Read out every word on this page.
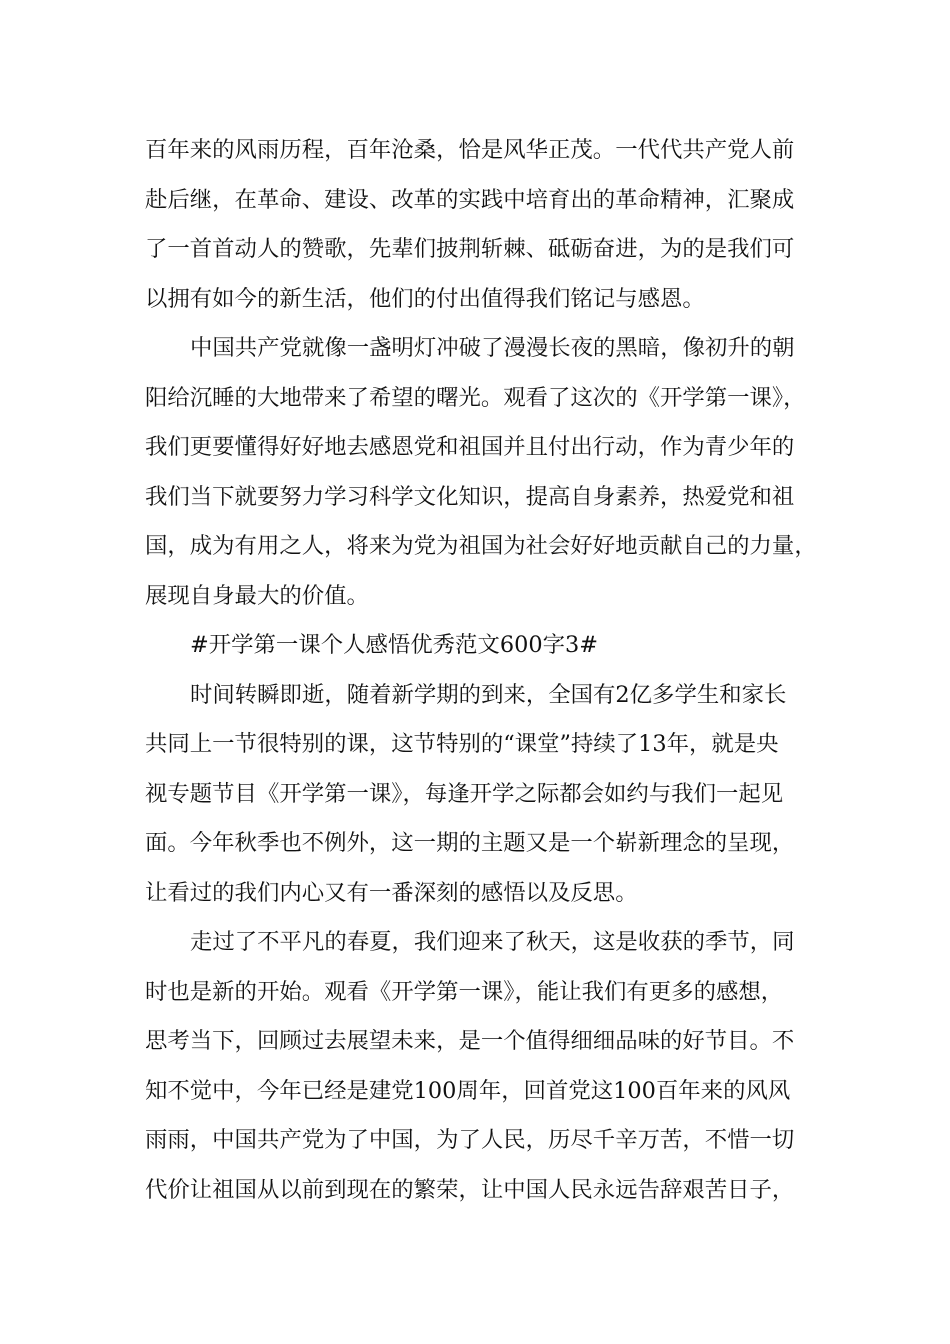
百年来的风雨历程，百年沧桑，恰是风华正茂。一代代共产党人前
赴后继，在革命、建设、改革的实践中培育出的革命精神，汇聚成
了一首首动人的赞歌，先辈们披荆斩棘、砥砺奋进，为的是我们可
以拥有如今的新生活，他们的付出值得我们铭记与感恩。

中国共产党就像一盏明灯冲破了漫漫长夜的黑暗，像初升的朝
阳给沉睡的大地带来了希望的曙光。观看了这次的《开学第一课》，
我们更要懂得好好地去感恩党和祖国并且付出行动，作为青少年的
我们当下就要努力学习科学文化知识，提高自身素养，热爱党和祖
国，成为有用之人，将来为党为祖国为社会好好地贡献自己的力量，
展现自身最大的价值。

#开学第一课个人感悟优秀范文600字3#

时间转瞬即逝，随着新学期的到来，全国有2亿多学生和家长
共同上一节很特别的课，这节特别的“课堂”持续了13年，就是央
视专题节目《开学第一课》，每逢开学之际都会如约与我们一起见
面。今年秋季也不例外，这一期的主题又是一个崭新理念的呈现，
让看过的我们内心又有一番深刻的感悟以及反思。

走过了不平凡的春夏，我们迎来了秋天，这是收获的季节，同
时也是新的开始。观看《开学第一课》，能让我们有更多的感想，
思考当下，回顾过去展望未来，是一个值得细细品味的好节目。不
知不觉中，今年已经是建党100周年，回首党这100百年来的风风
雨雨，中国共产党为了中国，为了人民，历尽千辛万苦，不惜一切
代价让祖国从以前到现在的繁荣，让中国人民永远告辞艰苦日子，
